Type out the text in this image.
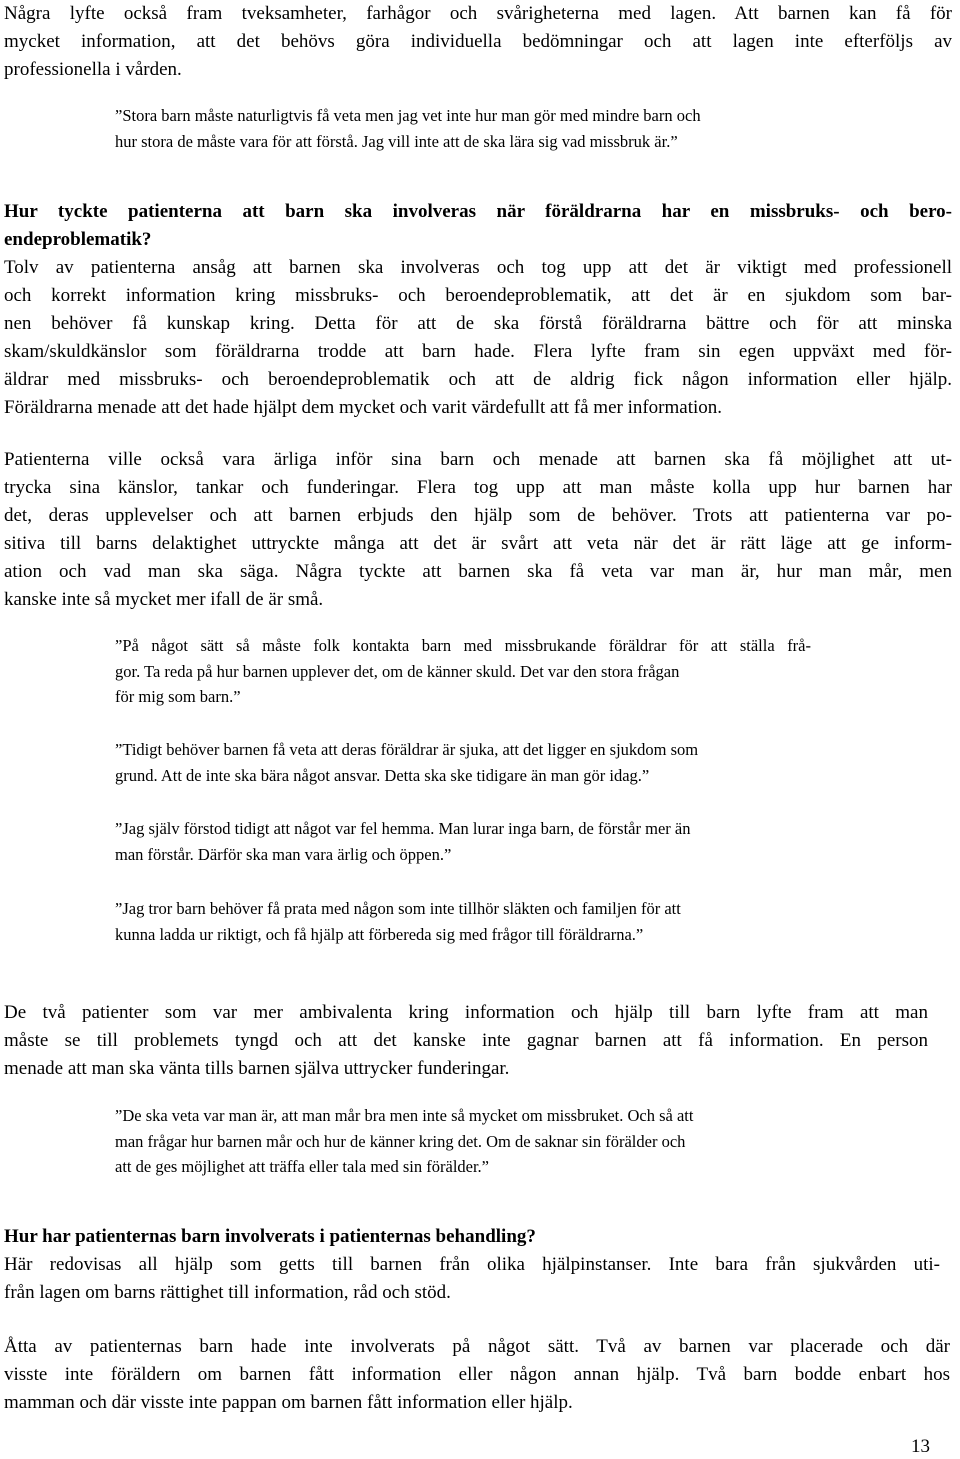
Några lyfte också fram tveksamheter, farhågor och svårigheterna med lagen. Att barnen kan få för
mycket information, att det behövs göra individuella bedömningar och att lagen inte efterföljs av
professionella i vården.
”Stora barn måste naturligtvis få veta men jag vet inte hur man gör med mindre barn och
hur stora de måste vara för att förstå. Jag vill inte att de ska lära sig vad missbruk är.”
Hur tyckte patienterna att barn ska involveras när föräldrarna har en missbruks- och bero-
endeproblematik?
Tolv av patienterna ansåg att barnen ska involveras och tog upp att det är viktigt med professionell
och korrekt information kring missbruks- och beroendeproblematik, att det är en sjukdom som bar-
nen behöver få kunskap kring. Detta för att de ska förstå föräldrarna bättre och för att minska
skam/skuldkänslor som föräldrarna trodde att barn hade. Flera lyfte fram sin egen uppväxt med för-
äldrar med missbruks- och beroendeproblematik och att de aldrig fick någon information eller hjälp.
Föräldrarna menade att det hade hjälpt dem mycket och varit värdefullt att få mer information.
Patienterna ville också vara ärliga inför sina barn och menade att barnen ska få möjlighet att ut-
trycka sina känslor, tankar och funderingar. Flera tog upp att man måste kolla upp hur barnen har
det, deras upplevelser och att barnen erbjuds den hjälp som de behöver. Trots att patienterna var po-
sitiva till barns delaktighet uttryckte många att det är svårt att veta när det är rätt läge att ge inform-
ation och vad man ska säga. Några tyckte att barnen ska få veta var man är, hur man mår, men
kanske inte så mycket mer ifall de är små.
”På något sätt så måste folk kontakta barn med missbrukande föräldrar för att ställa frå-
gor. Ta reda på hur barnen upplever det, om de känner skuld. Det var den stora frågan
för mig som barn.”
”Tidigt behöver barnen få veta att deras föräldrar är sjuka, att det ligger en sjukdom som
grund. Att de inte ska bära något ansvar. Detta ska ske tidigare än man gör idag.”
”Jag själv förstod tidigt att något var fel hemma. Man lurar inga barn, de förstår mer än
man förstår. Därför ska man vara ärlig och öppen.”
”Jag tror barn behöver få prata med någon som inte tillhör släkten och familjen för att
kunna ladda ur riktigt, och få hjälp att förbereda sig med frågor till föräldrarna.”
De två patienter som var mer ambivalenta kring information och hjälp till barn lyfte fram att man
måste se till problemets tyngd och att det kanske inte gagnar barnen att få information. En person
menade att man ska vänta tills barnen själva uttrycker funderingar.
”De ska veta var man är, att man mår bra men inte så mycket om missbruket. Och så att
man frågar hur barnen mår och hur de känner kring det. Om de saknar sin förälder och
att de ges möjlighet att träffa eller tala med sin förälder.”
Hur har patienternas barn involverats i patienternas behandling?
Här redovisas all hjälp som getts till barnen från olika hjälpinstanser. Inte bara från sjukvården uti-
från lagen om barns rättighet till information, råd och stöd.
Åtta av patienternas barn hade inte involverats på något sätt. Två av barnen var placerade och där
visste inte föräldern om barnen fått information eller någon annan hjälp. Två barn bodde enbart hos
mamman och där visste inte pappan om barnen fått information eller hjälp.
13
